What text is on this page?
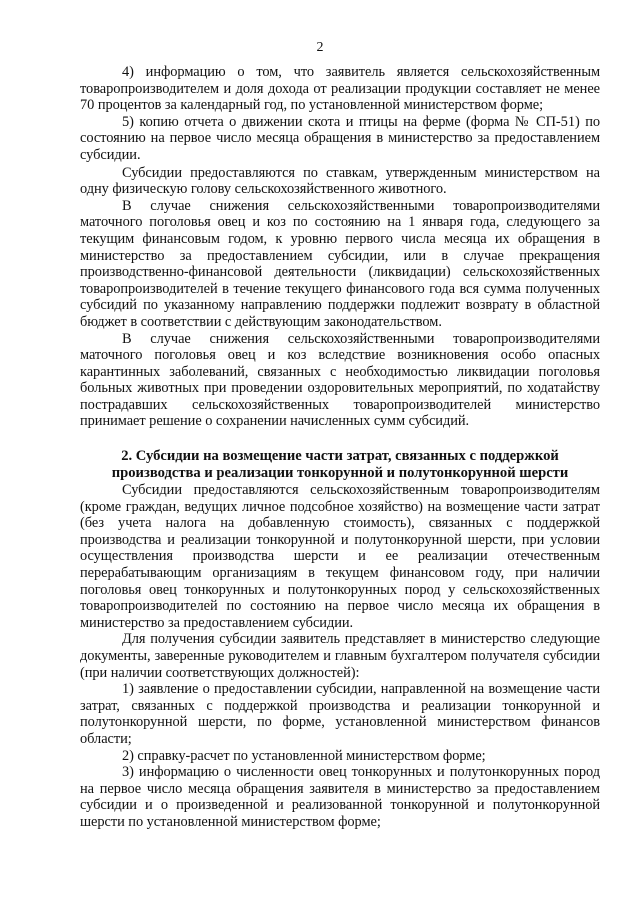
2

4) информацию о том, что заявитель является сельскохозяйственным товаропроизводителем и доля дохода от реализации продукции составляет не менее 70 процентов за календарный год, по установленной министерством форме;

5) копию отчета о движении скота и птицы на ферме (форма № СП-51) по состоянию на первое число месяца обращения в министерство за предоставлением субсидии.

Субсидии предоставляются по ставкам, утвержденным министерством на одну физическую голову сельскохозяйственного животного.

В случае снижения сельскохозяйственными товаропроизводителями маточного поголовья овец и коз по состоянию на 1 января года, следующего за текущим финансовым годом, к уровню первого числа месяца их обращения в министерство за предоставлением субсидии, или в случае прекращения производственно-финансовой деятельности (ликвидации) сельскохозяйственных товаропроизводителей в течение текущего финансового года вся сумма полученных субсидий по указанному направлению поддержки подлежит возврату в областной бюджет в соответствии с действующим законодательством.

В случае снижения сельскохозяйственными товаропроизводителями маточного поголовья овец и коз вследствие возникновения особо опасных карантинных заболеваний, связанных с необходимостью ликвидации поголовья больных животных при проведении оздоровительных мероприятий, по ходатайству пострадавших сельскохозяйственных товаропроизводителей министерство принимает решение о сохранении начисленных сумм субсидий.

2. Субсидии на возмещение части затрат, связанных с поддержкой производства и реализации тонкорунной и полутонкорунной шерсти

Субсидии предоставляются сельскохозяйственным товаропроизводителям (кроме граждан, ведущих личное подсобное хозяйство) на возмещение части затрат (без учета налога на добавленную стоимость), связанных с поддержкой производства и реализации тонкорунной и полутонкорунной шерсти, при условии осуществления производства шерсти и ее реализации отечественным перерабатывающим организациям в текущем финансовом году, при наличии поголовья овец тонкорунных и полутонкорунных пород у сельскохозяйственных товаропроизводителей по состоянию на первое число месяца их обращения в министерство за предоставлением субсидии.

Для получения субсидии заявитель представляет в министерство следующие документы, заверенные руководителем и главным бухгалтером получателя субсидии (при наличии соответствующих должностей):

1) заявление о предоставлении субсидии, направленной на возмещение части затрат, связанных с поддержкой производства и реализации тонкорунной и полутонкорунной шерсти, по форме, установленной министерством финансов области;

2) справку-расчет по установленной министерством форме;

3) информацию о численности овец тонкорунных и полутонкорунных пород на первое число месяца обращения заявителя в министерство за предоставлением субсидии и о произведенной и реализованной тонкорунной и полутонкорунной шерсти по установленной министерством форме;
